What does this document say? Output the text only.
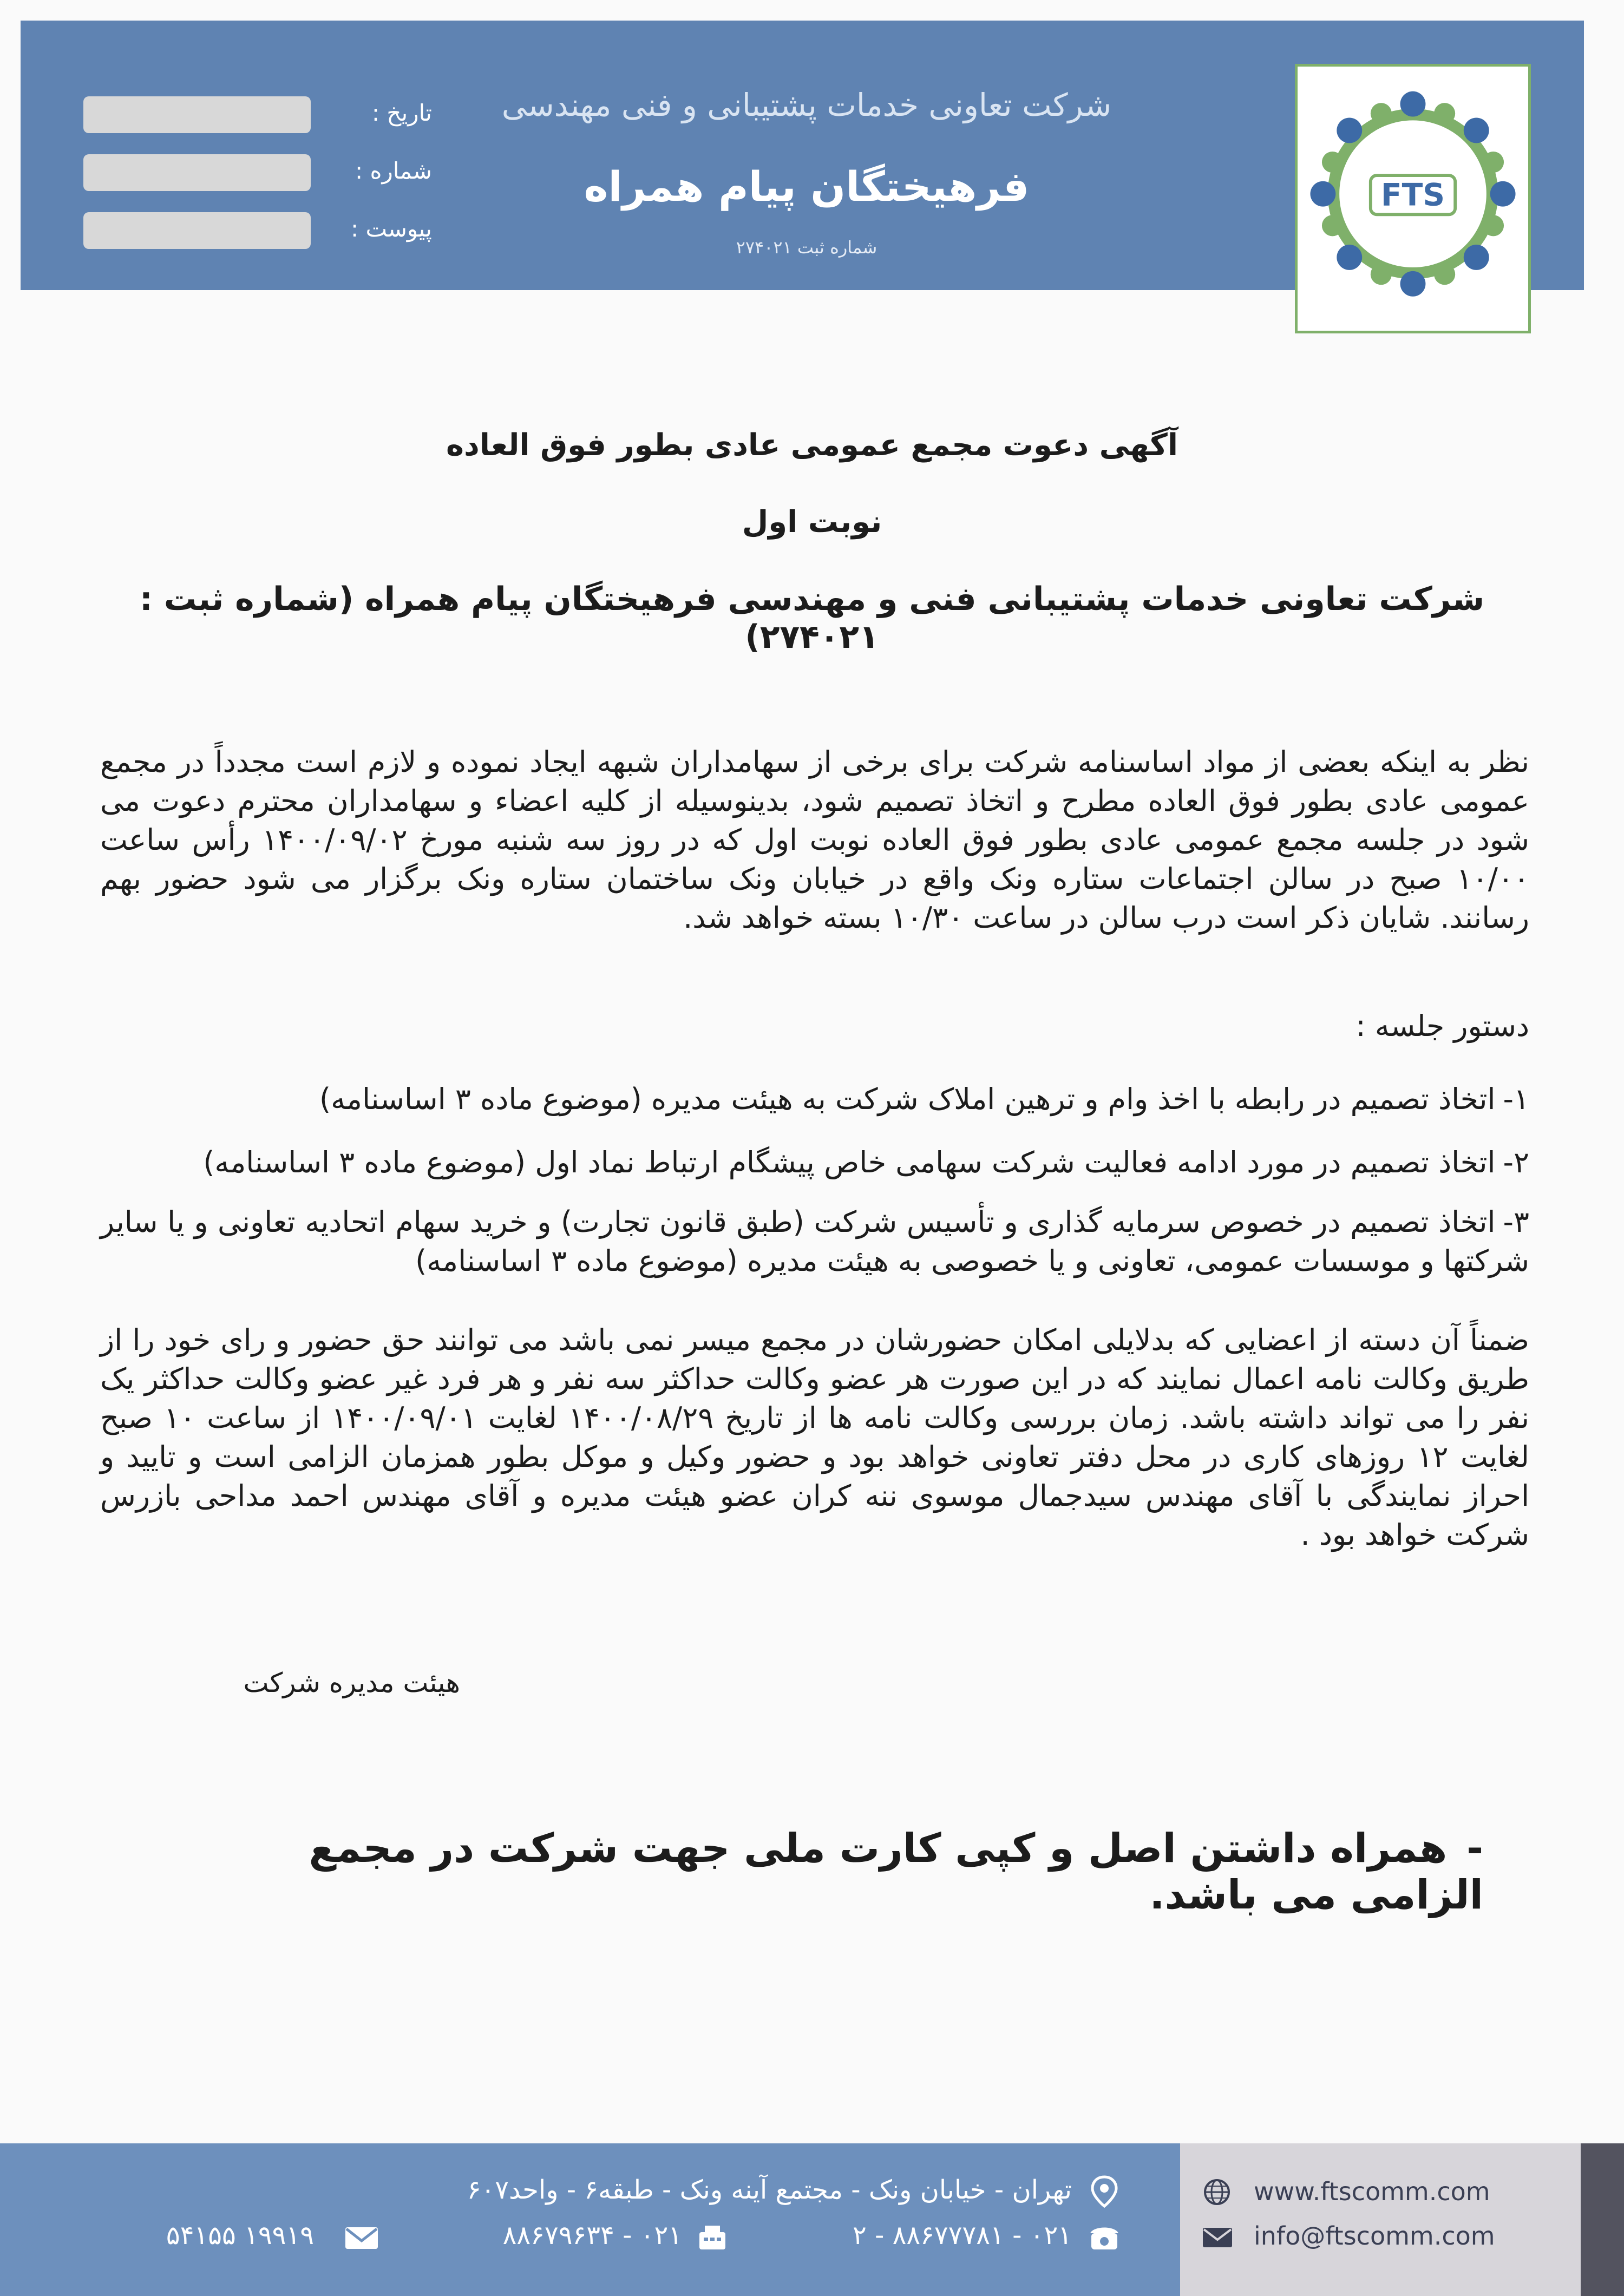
تاریخ :
شماره :
پیوست :
شرکت تعاونی خدمات پشتیبانی و فنی مهندسی
فرهیختگان پیام همراه
شماره ثبت ۲۷۴۰۲۱
FTS
آگهی دعوت مجمع عمومی عادی بطور فوق العاده
نوبت اول
شرکت تعاونی خدمات پشتیبانی فنی و مهندسی فرهیختگان پیام همراه (شماره ثبت : ۲۷۴۰۲۱)
نظر به اینکه بعضی از مواد اساسنامه شرکت برای برخی از سهامداران شبهه ایجاد نموده و لازم است مجدداً در مجمع عمومی عادی بطور فوق العاده مطرح و اتخاذ تصمیم شود، بدینوسیله از کلیه اعضاء و سهامداران محترم دعوت می شود در جلسه مجمع عمومی عادی بطور فوق العاده نوبت اول که در روز سه شنبه مورخ ۱۴۰۰/۰۹/۰۲ رأس ساعت ۱۰/۰۰ صبح در سالن اجتماعات ستاره ونک واقع در خیابان ونک ساختمان ستاره ونک برگزار می شود حضور بهم رسانند. شایان ذکر است درب سالن در ساعت ۱۰/۳۰ بسته خواهد شد.
دستور جلسه :
۱-اتخاذ تصمیم در رابطه با اخذ وام و ترهین املاک شرکت به هیئت مدیره (موضوع ماده ۳ اساسنامه)
۲-اتخاذ تصمیم در مورد ادامه فعالیت شرکت سهامی خاص پیشگام ارتباط نماد اول (موضوع ماده ۳ اساسنامه)
۳-اتخاذ تصمیم در خصوص سرمایه گذاری و تأسیس شرکت (طبق قانون تجارت) و خرید سهام اتحادیه تعاونی و یا سایر شرکتها و موسسات عمومی، تعاونی و یا خصوصی به هیئت مدیره (موضوع ماده ۳ اساسنامه)
ضمناً آن دسته از اعضایی که بدلایلی امکان حضورشان در مجمع میسر نمی باشد می توانند حق حضور و رای خود را از طریق وکالت نامه اعمال نمایند که در این صورت هر عضو وکالت حداکثر سه نفر و هر فرد غیر عضو وکالت حداکثر یک نفر را می تواند داشته باشد. زمان بررسی وکالت نامه ها از تاریخ ۱۴۰۰/۰۸/۲۹ لغایت ۱۴۰۰/۰۹/۰۱ از ساعت ۱۰ صبح لغایت ۱۲ روزهای کاری در محل دفتر تعاونی خواهد بود و حضور وکیل و موکل بطور همزمان الزامی است و تایید و احراز نمایندگی با آقای مهندس سیدجمال موسوی ننه کران عضو هیئت مدیره و آقای مهندس احمد مداحی بازرس شرکت خواهد بود .
هیئت مدیره شرکت
-همراه داشتن اصل و کپی کارت ملی جهت شرکت در مجمع الزامی می باشد.
تهران - خیابان ونک - مجتمع آینه ونک - طبقه۶ - واحد۶۰۷
۰۲۱ - ۸۸۶۷۷۷۸۱ - ۲
۰۲۱ - ۸۸۶۷۹۶۳۴
۱۹۹۱۹ ۵۴۱۵۵
www.ftscomm.com
info@ftscomm.com
